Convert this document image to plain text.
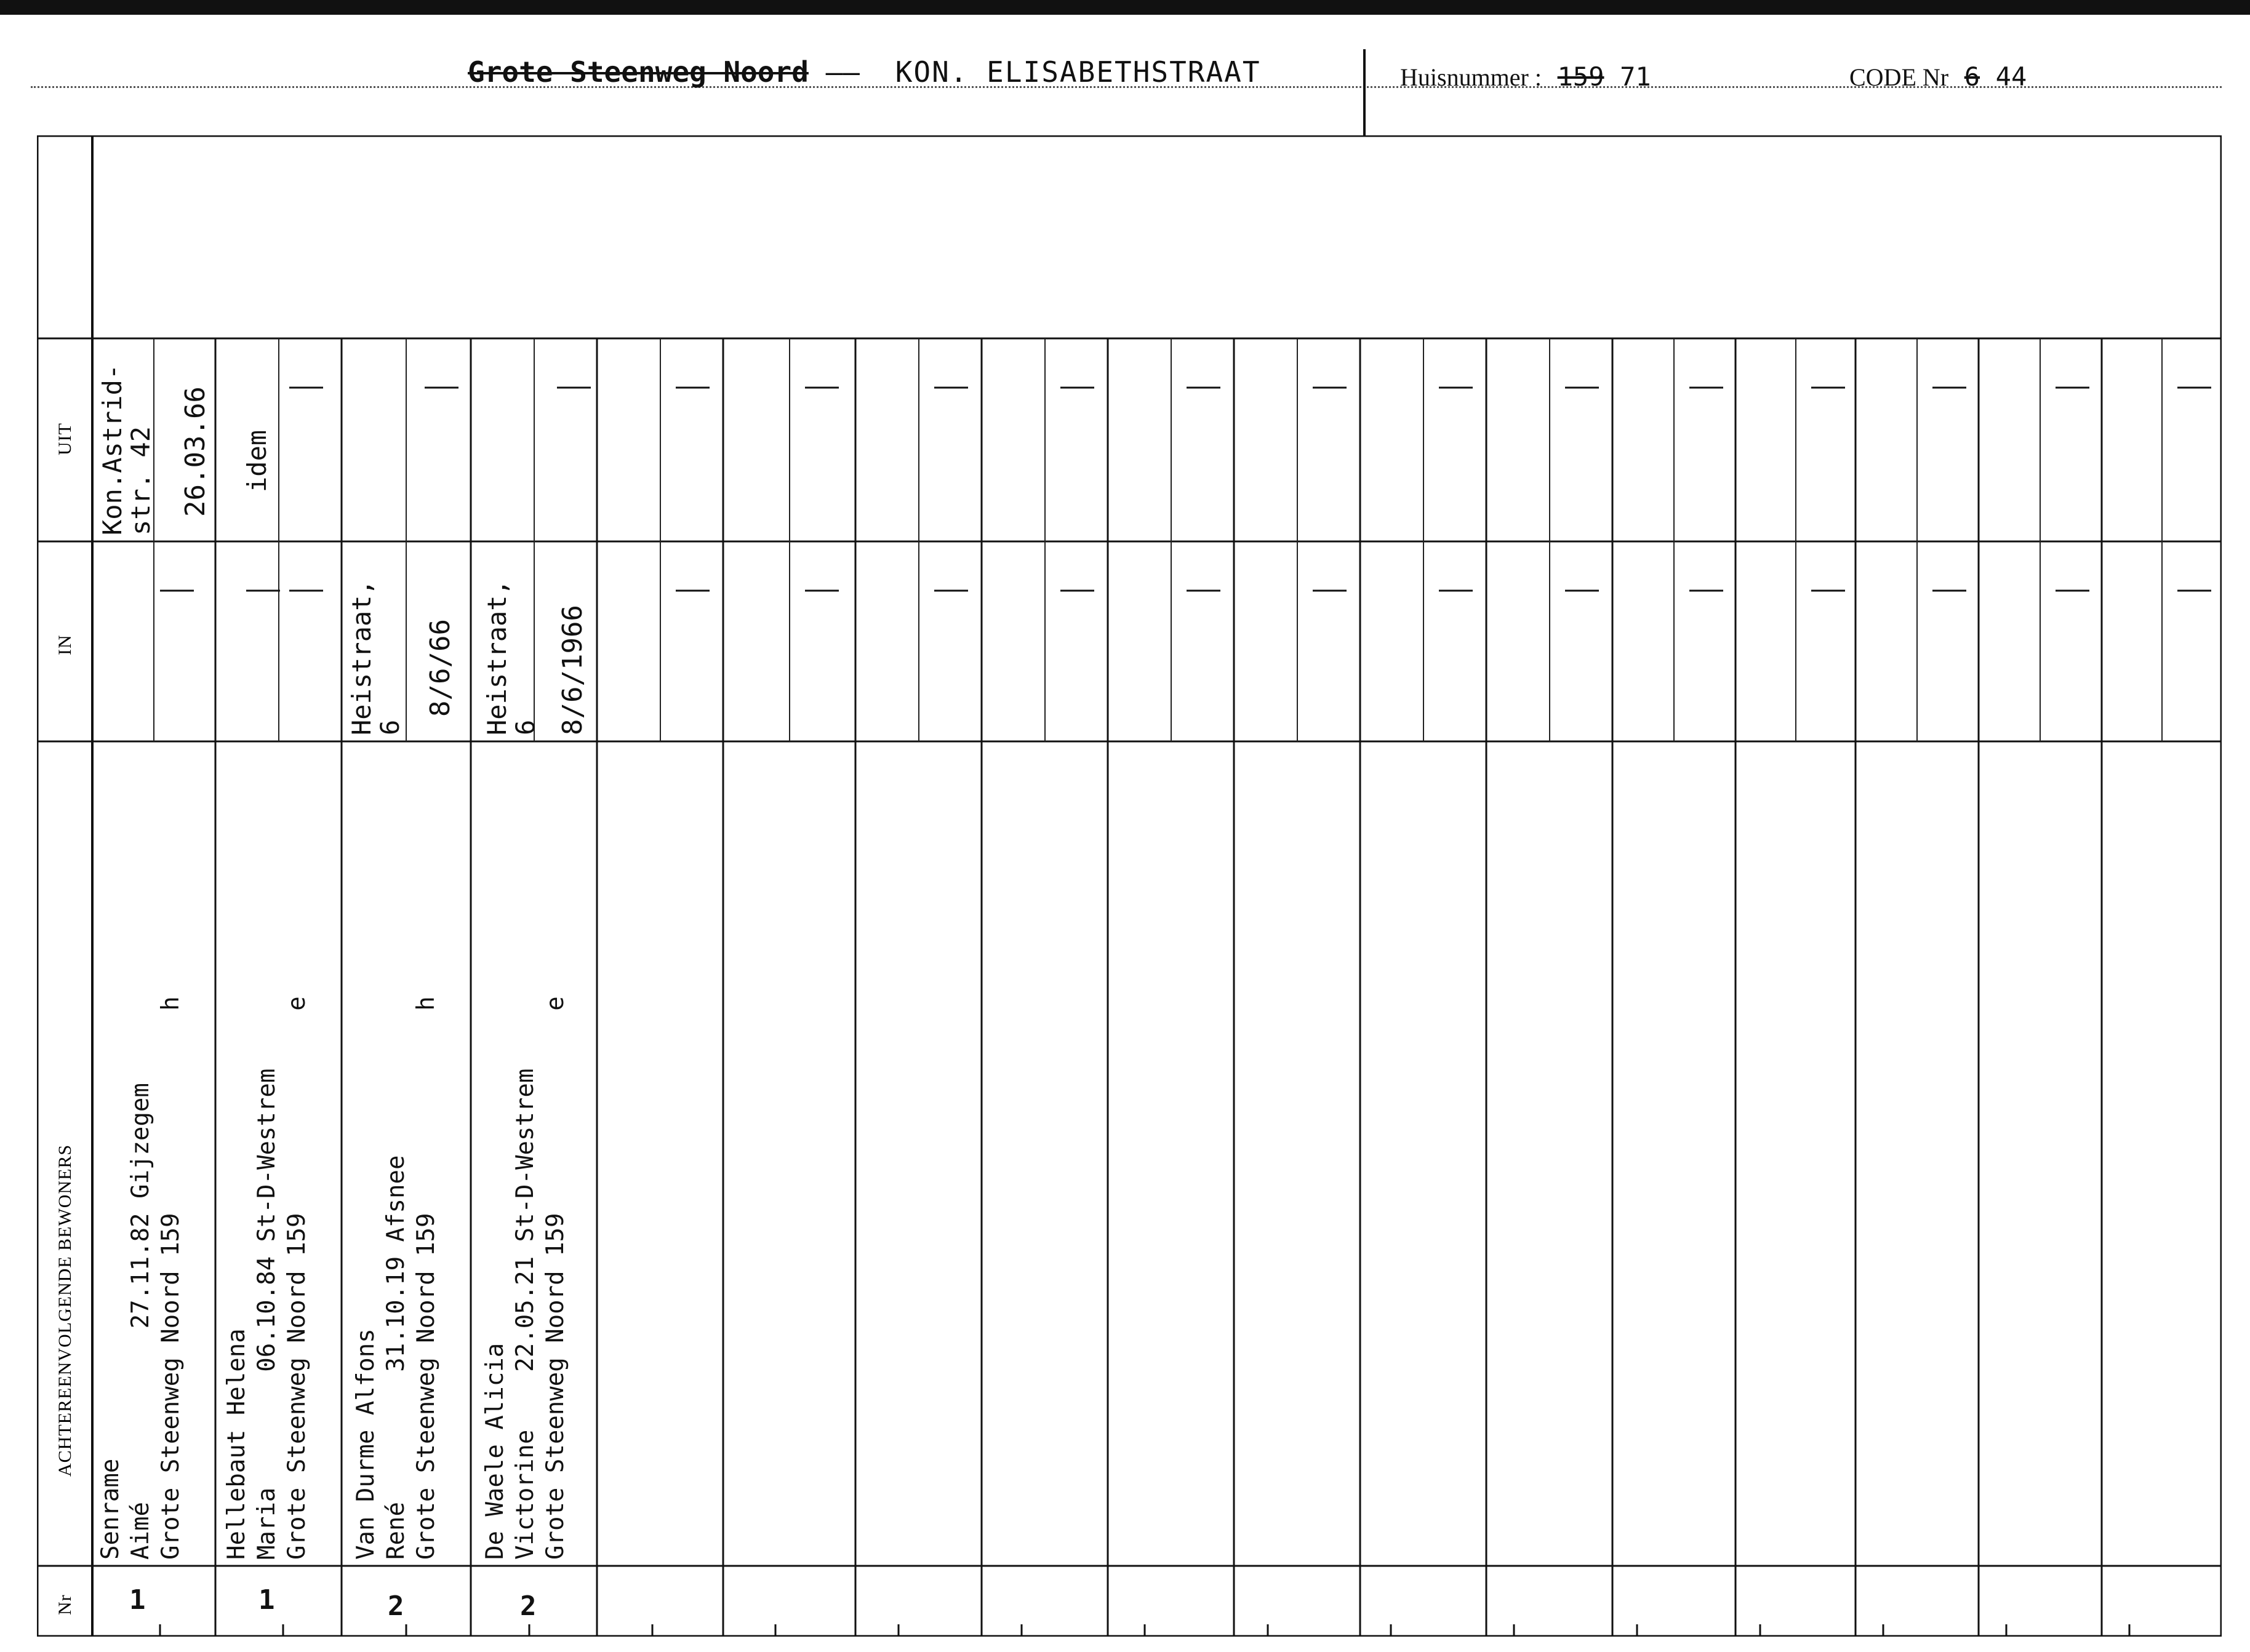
Grote Steenweg Noord —— KON. ELISABETHSTRAAT	Huisnummer : 159 71	CODE Nr 6 44
UIT
IN
ACHTEREENVOLGENDE BEWONERS
Nr
Senrame Aimé            27.11.82 Gijzegem Grote Steenweg Noord 159              h
1
Kon.Astrid-
str. 42 26.03.66
Hellebaut Helena Maria        06.10.84 St-D-Westrem Grote Steenweg Noord 159              e
1
idem
Van Durme Alfons René         31.10.19 Afsnee Grote Steenweg Noord 159              h
2
Heistraat,
6
8/6/66
De Waele Alicia Victorine    22.05.21 St-D-Westrem Grote Steenweg Noord 159              e
2
Heistraat,
6 8/6/1966
